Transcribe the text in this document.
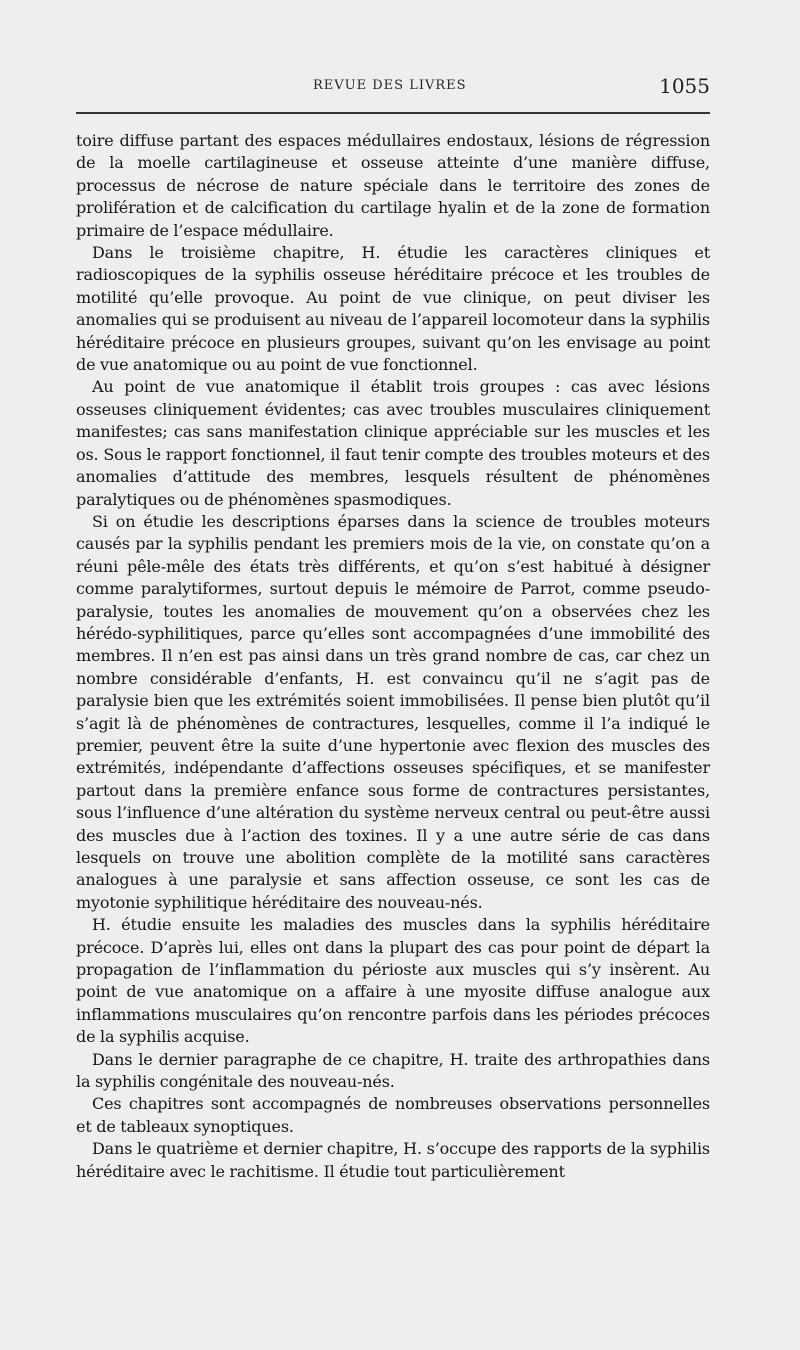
REVUE DES LIVRES	1055

toire diffuse partant des espaces médullaires endostaux, lésions de régression de la moelle cartilagineuse et osseuse atteinte d’une manière diffuse, processus de nécrose de nature spéciale dans le territoire des zones de prolifération et de calcification du cartilage hyalin et de la zone de formation primaire de l’espace médullaire.

Dans le troisième chapitre, H. étudie les caractères cliniques et radioscopiques de la syphilis osseuse héréditaire précoce et les troubles de motilité qu’elle provoque. Au point de vue clinique, on peut diviser les anomalies qui se produisent au niveau de l’appareil locomoteur dans la syphilis héréditaire précoce en plusieurs groupes, suivant qu’on les envisage au point de vue anatomique ou au point de vue fonctionnel.

Au point de vue anatomique il établit trois groupes : cas avec lésions osseuses cliniquement évidentes; cas avec troubles musculaires cliniquement manifestes; cas sans manifestation clinique appréciable sur les muscles et les os. Sous le rapport fonctionnel, il faut tenir compte des troubles moteurs et des anomalies d’attitude des membres, lesquels résultent de phénomènes paralytiques ou de phénomènes spasmodiques.

Si on étudie les descriptions éparses dans la science de troubles moteurs causés par la syphilis pendant les premiers mois de la vie, on constate qu’on a réuni pêle-mêle des états très différents, et qu’on s’est habitué à désigner comme paralytiformes, surtout depuis le mémoire de Parrot, comme pseudo-paralysie, toutes les anomalies de mouvement qu’on a observées chez les hérédo-syphilitiques, parce qu’elles sont accompagnées d’une immobilité des membres. Il n’en est pas ainsi dans un très grand nombre de cas, car chez un nombre considérable d’enfants, H. est convaincu qu’il ne s’agit pas de paralysie bien que les extrémités soient immobilisées. Il pense bien plutôt qu’il s’agit là de phénomènes de contractures, lesquelles, comme il l’a indiqué le premier, peuvent être la suite d’une hypertonie avec flexion des muscles des extrémités, indépendante d’affections osseuses spécifiques, et se manifester partout dans la première enfance sous forme de contractures persistantes, sous l’influence d’une altération du système nerveux central ou peut-être aussi des muscles due à l’action des toxines. Il y a une autre série de cas dans lesquels on trouve une abolition complète de la motilité sans caractères analogues à une paralysie et sans affection osseuse, ce sont les cas de myotonie syphilitique héréditaire des nouveau-nés.

H. étudie ensuite les maladies des muscles dans la syphilis héréditaire précoce. D’après lui, elles ont dans la plupart des cas pour point de départ la propagation de l’inflammation du périoste aux muscles qui s’y insèrent. Au point de vue anatomique on a affaire à une myosite diffuse analogue aux inflammations musculaires qu’on rencontre parfois dans les périodes précoces de la syphilis acquise.

Dans le dernier paragraphe de ce chapitre, H. traite des arthropathies dans la syphilis congénitale des nouveau-nés.

Ces chapitres sont accompagnés de nombreuses observations personnelles et de tableaux synoptiques.

Dans le quatrième et dernier chapitre, H. s’occupe des rapports de la syphilis héréditaire avec le rachitisme. Il étudie tout particulièrement
